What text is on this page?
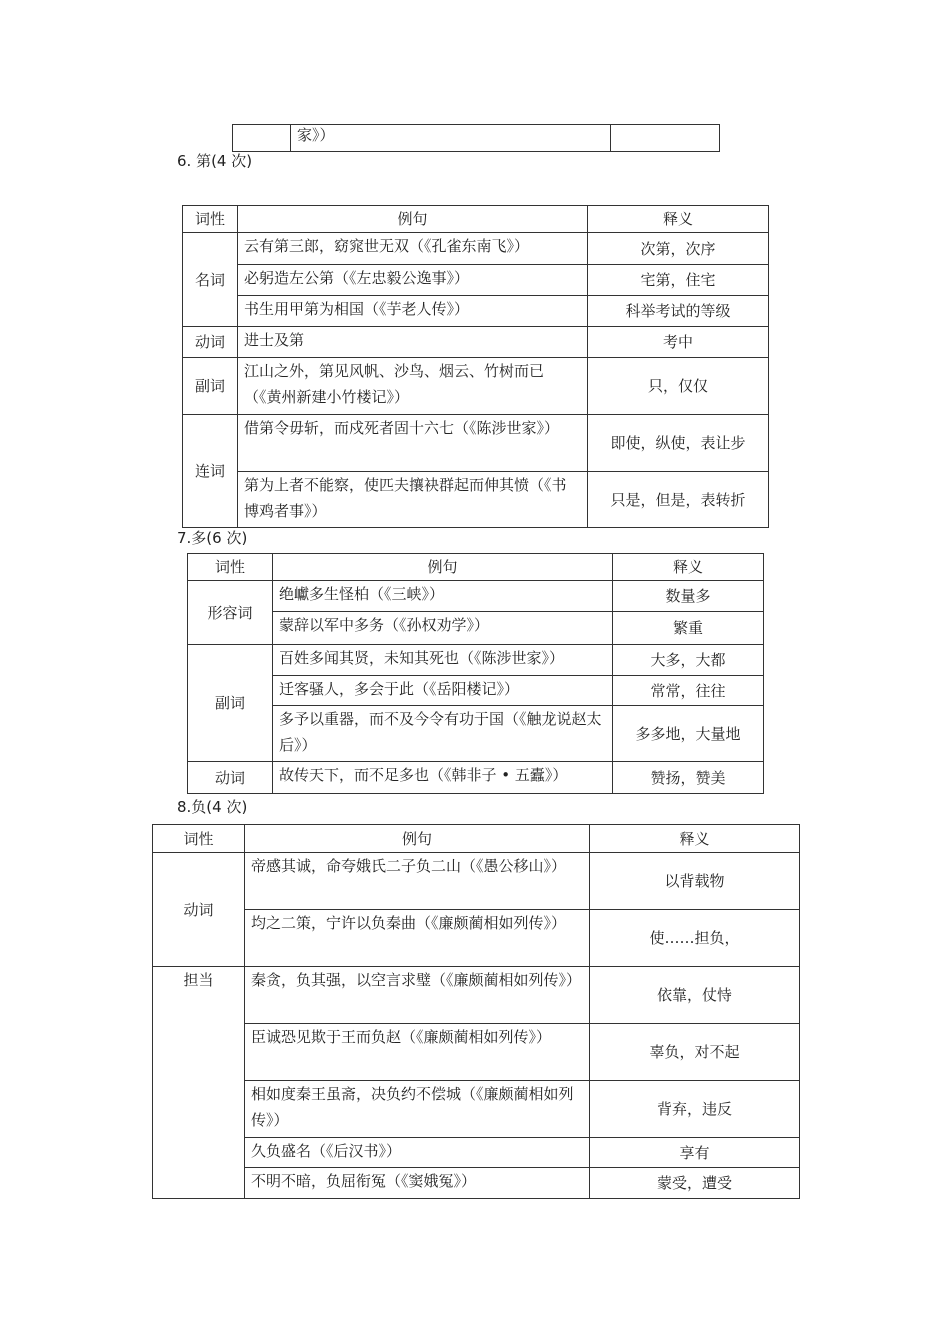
	家》）	
6. 第(4 次)
词性	例句	释义
名词	云有第三郎，窈窕世无双（《孔雀东南飞》）	次第，次序
	必躬造左公第（《左忠毅公逸事》）	宅第，住宅
	书生用甲第为相国（《芋老人传》）	科举考试的等级
动词	进士及第	考中
副词	江山之外，第见风帆、沙鸟、烟云、竹树而已（《黄州新建小竹楼记》）	只，仅仅
连词	借第令毋斩，而戍死者固十六七（《陈涉世家》）	即使，纵使，表让步
	第为上者不能察，使匹夫攘袂群起而伸其愤（《书博鸡者事》）	只是，但是，表转折
7.多(6 次)
词性	例句	释义
形容词	绝巘多生怪柏（《三峡》）	数量多
	蒙辞以军中多务（《孙权劝学》）	繁重
副词	百姓多闻其贤，未知其死也（《陈涉世家》）	大多，大都
	迁客骚人，多会于此（《岳阳楼记》）	常常，往往
	多予以重器，而不及今令有功于国（《触龙说赵太后》）	多多地，大量地
动词	故传天下，而不足多也（《韩非子 • 五蠹》）	赞扬，赞美
8.负(4 次)
词性	例句	释义
动词	帝感其诚，命夸娥氏二子负二山（《愚公移山》）	以背载物
	均之二策，宁许以负秦曲（《廉颇蔺相如列传》）	使……担负，
担当	秦贪，负其强，以空言求璧（《廉颇蔺相如列传》）	依靠，仗恃
	臣诚恐见欺于王而负赵（《廉颇蔺相如列传》）	辜负，对不起
	相如度秦王虽斋，决负约不偿城（《廉颇蔺相如列传》）	背弃，违反
	久负盛名（《后汉书》）	享有
	不明不暗，负屈衔冤（《窦娥冤》）	蒙受，遭受
